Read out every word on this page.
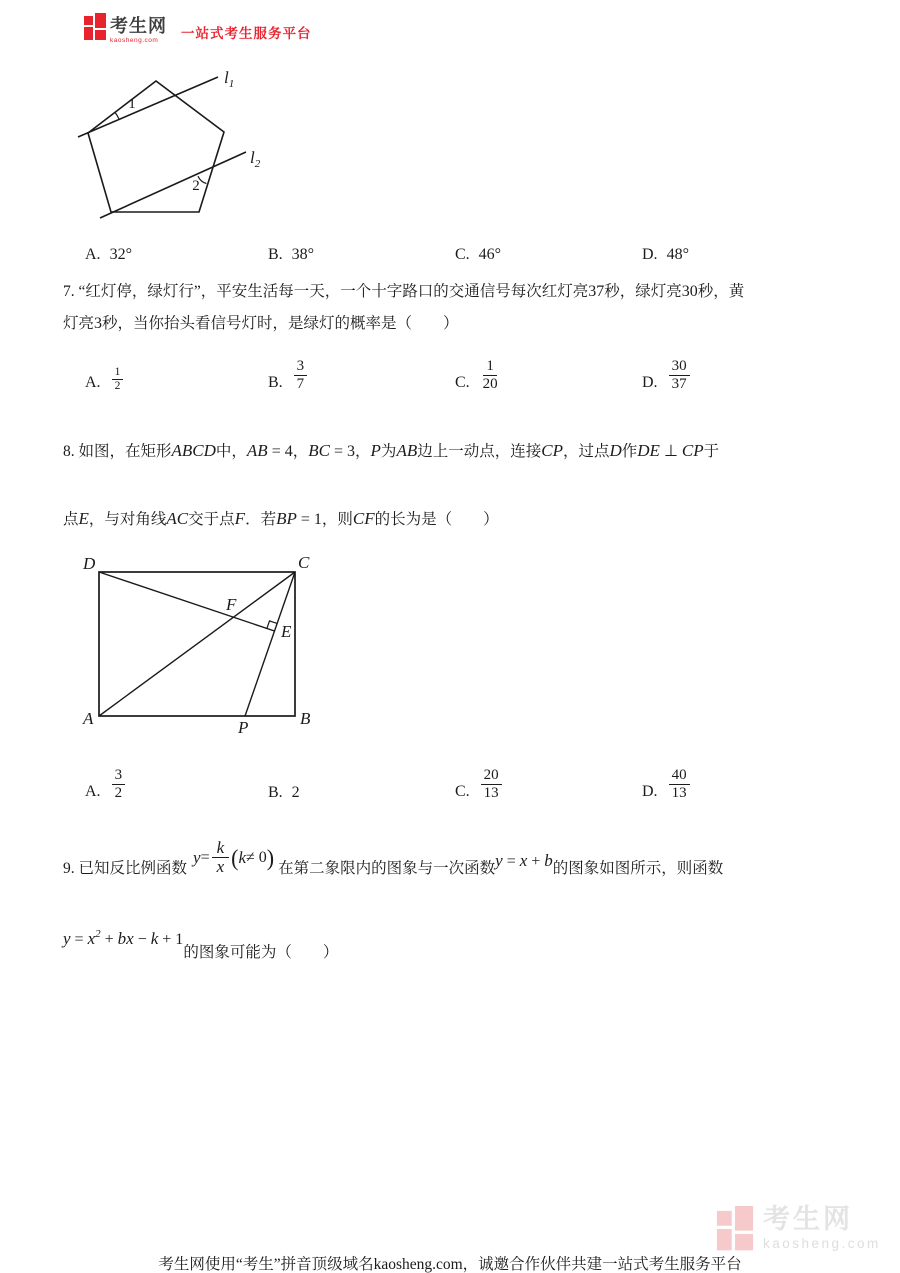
考生网
kaosheng.com	一站式考生服务平台
$l_1$
$l_2$
1
2
A. 32°	B. 38°	C. 46°	D. 48°
7. “红灯停，绿灯行”，平安生活每一天，一个十字路口的交通信号每次红灯亮37秒，绿灯亮30秒，黄
灯亮3秒，当你抬头看信号灯时，是绿灯的概率是（　　）
A. $\frac{1}{2}$	B. $\frac{3}{7}$	C. $\frac{1}{20}$	D. $\frac{30}{37}$
8. 如图，在矩形ABCD中，AB = 4，BC = 3，P为AB边上一动点，连接CP，过点D作DE ⊥ CP于
点E，与对角线AC交于点F．若BP = 1，则CF的长为是（　　）
D	C
A	B
P
E
F
A. $\frac{3}{2}$	B. 2	C. $\frac{20}{13}$	D. $\frac{40}{13}$
9. 已知反比例函数
$y = \frac{k}{x}$ ( k ≠ 0 ) 在第二象限内的图象与一次函数 y = x + b 的图象如图所示，则函数
$y = x^2$ + bx − k + 1
的图象可能为（　　）
考生网
kaosheng.com
考生网使用“考生”拼音顶级域名kaosheng.com，诚邀合作伙伴共建一站式考生服务平台
